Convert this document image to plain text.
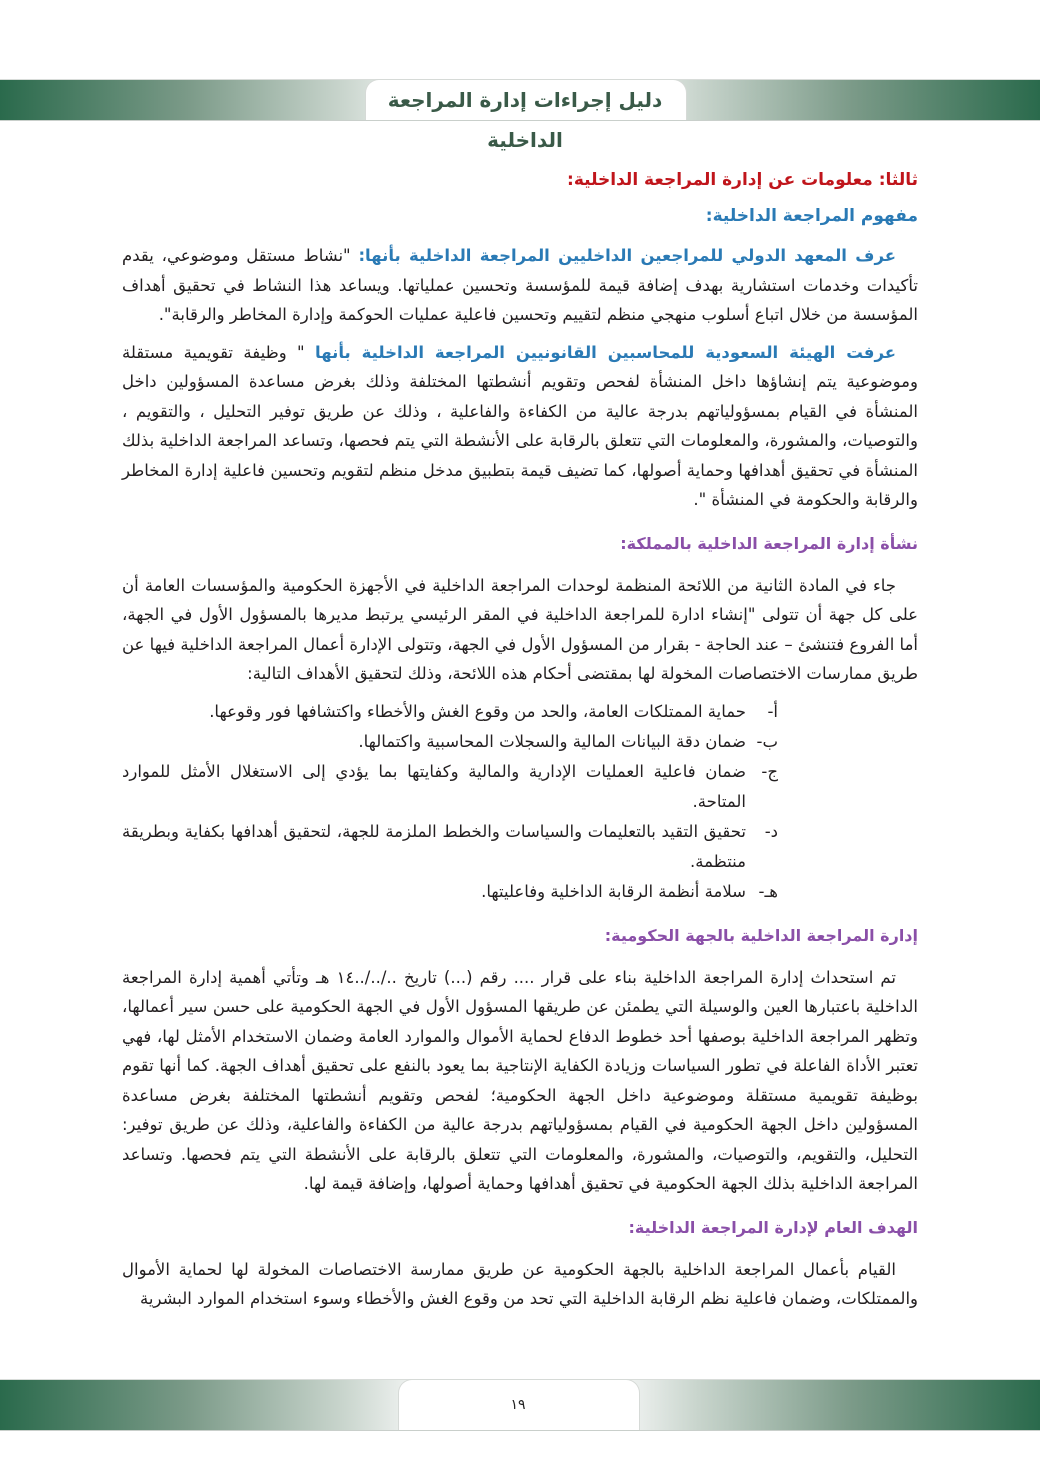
دليل إجراءات إدارة المراجعة الداخلية
ثالثا: معلومات عن إدارة المراجعة الداخلية:
مفهوم المراجعة الداخلية:

عرف المعهد الدولي للمراجعين الداخليين المراجعة الداخلية بأنها: "نشاط مستقل وموضوعي، يقدم تأكيدات وخدمات استشارية بهدف إضافة قيمة للمؤسسة وتحسين عملياتها. ويساعد هذا النشاط في تحقيق أهداف المؤسسة من خلال اتباع أسلوب منهجي منظم لتقييم وتحسين فاعلية عمليات الحوكمة وإدارة المخاطر والرقابة".

عرفت الهيئة السعودية للمحاسبين القانونيين المراجعة الداخلية بأنها " وظيفة تقويمية مستقلة وموضوعية يتم إنشاؤها داخل المنشأة لفحص وتقويم أنشطتها المختلفة وذلك بغرض مساعدة المسؤولين داخل المنشأة في القيام بمسؤولياتهم بدرجة عالية من الكفاءة والفاعلية ، وذلك عن طريق توفير التحليل ، والتقويم ، والتوصيات، والمشورة، والمعلومات التي تتعلق بالرقابة على الأنشطة التي يتم فحصها، وتساعد المراجعة الداخلية بذلك المنشأة في تحقيق أهدافها وحماية أصولها، كما تضيف قيمة بتطبيق مدخل منظم لتقويم وتحسين فاعلية إدارة المخاطر والرقابة والحكومة في المنشأة ".

نشأة إدارة المراجعة الداخلية بالمملكة:

جاء في المادة الثانية من اللائحة المنظمة لوحدات المراجعة الداخلية في الأجهزة الحكومية والمؤسسات العامة أن على كل جهة أن تتولى "إنشاء ادارة للمراجعة الداخلية في المقر الرئيسي يرتبط مديرها بالمسؤول الأول في الجهة، أما الفروع فتنشئ – عند الحاجة - بقرار من المسؤول الأول في الجهة، وتتولى الإدارة أعمال المراجعة الداخلية فيها عن طريق ممارسات الاختصاصات المخولة لها بمقتضى أحكام هذه اللائحة، وذلك لتحقيق الأهداف التالية:

أ-
حماية الممتلكات العامة، والحد من وقوع الغش والأخطاء واكتشافها فور وقوعها.
ب-
ضمان دقة البيانات المالية والسجلات المحاسبية واكتمالها.
ج-
ضمان فاعلية العمليات الإدارية والمالية وكفايتها بما يؤدي إلى الاستغلال الأمثل للموارد المتاحة.
د-
تحقيق التقيد بالتعليمات والسياسات والخطط الملزمة للجهة، لتحقيق أهدافها بكفاية وبطريقة منتظمة.
هـ-
سلامة أنظمة الرقابة الداخلية وفاعليتها.
إدارة المراجعة الداخلية بالجهة الحكومية:

تم استحداث إدارة المراجعة الداخلية بناء على قرار .... رقم (...) تاريخ ../../..١٤ هـ وتأتي أهمية إدارة المراجعة الداخلية باعتبارها العين والوسيلة التي يطمئن عن طريقها المسؤول الأول في الجهة الحكومية على حسن سير أعمالها، وتظهر المراجعة الداخلية بوصفها أحد خطوط الدفاع لحماية الأموال والموارد العامة وضمان الاستخدام الأمثل لها، فهي تعتبر الأداة الفاعلة في تطور السياسات وزيادة الكفاية الإنتاجية بما يعود بالنفع على تحقيق أهداف الجهة. كما أنها تقوم بوظيفة تقويمية مستقلة وموضوعية داخل الجهة الحكومية؛ لفحص وتقويم أنشطتها المختلفة بغرض مساعدة المسؤولين داخل الجهة الحكومية في القيام بمسؤولياتهم بدرجة عالية من الكفاءة والفاعلية، وذلك عن طريق توفير: التحليل، والتقويم، والتوصيات، والمشورة، والمعلومات التي تتعلق بالرقابة على الأنشطة التي يتم فحصها. وتساعد المراجعة الداخلية بذلك الجهة الحكومية في تحقيق أهدافها وحماية أصولها، وإضافة قيمة لها.

الهدف العام لإدارة المراجعة الداخلية:

القيام بأعمال المراجعة الداخلية بالجهة الحكومية عن طريق ممارسة الاختصاصات المخولة لها لحماية الأموال والممتلكات، وضمان فاعلية نظم الرقابة الداخلية التي تحد من وقوع الغش والأخطاء وسوء استخدام الموارد البشرية

١٩
